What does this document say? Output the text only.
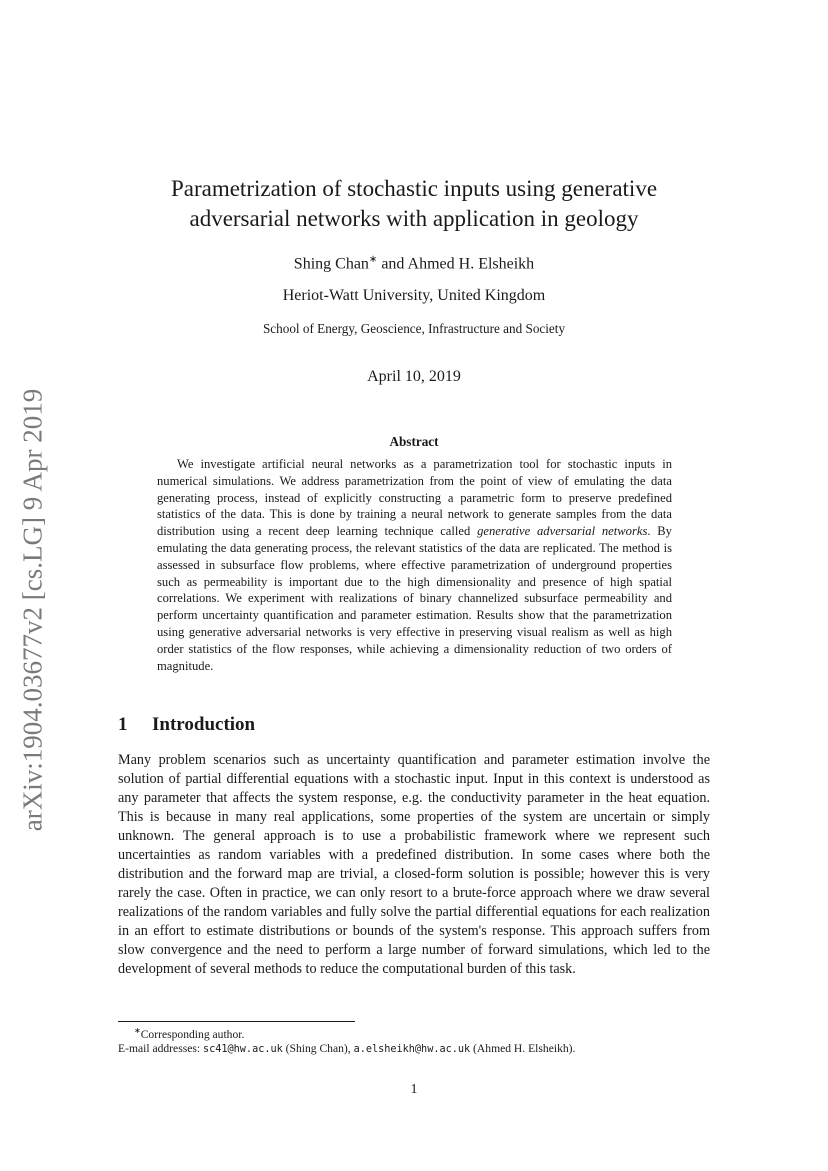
arXiv:1904.03677v2 [cs.LG] 9 Apr 2019
Parametrization of stochastic inputs using generative
adversarial networks with application in geology
Shing Chan∗ and Ahmed H. Elsheikh
Heriot-Watt University, United Kingdom
School of Energy, Geoscience, Infrastructure and Society
April 10, 2019
Abstract
We investigate artificial neural networks as a parametrization tool for stochastic inputs in numerical simulations. We address parametrization from the point of view of emulating the data generating process, instead of explicitly constructing a parametric form to preserve predefined statistics of the data. This is done by training a neural network to generate samples from the data distribution using a recent deep learning technique called generative adversarial networks. By emulating the data generating process, the relevant statistics of the data are replicated. The method is assessed in subsurface flow problems, where effective parametrization of underground properties such as permeability is important due to the high dimensionality and presence of high spatial correlations. We experiment with realizations of binary channelized subsurface permeability and perform uncertainty quantification and parameter estimation. Results show that the parametrization using generative adversarial networks is very effective in preserving visual realism as well as high order statistics of the flow responses, while achieving a dimensionality reduction of two orders of magnitude.
1 Introduction
Many problem scenarios such as uncertainty quantification and parameter estimation involve the solution of partial differential equations with a stochastic input. Input in this context is understood as any parameter that affects the system response, e.g. the conductivity parameter in the heat equation. This is because in many real applications, some properties of the system are uncertain or simply unknown. The general approach is to use a probabilistic framework where we represent such uncertainties as random variables with a predefined distribution. In some cases where both the distribution and the forward map are trivial, a closed-form solution is possible; however this is very rarely the case. Often in practice, we can only resort to a brute-force approach where we draw several realizations of the random variables and fully solve the partial differential equations for each realization in an effort to estimate distributions or bounds of the system's response. This approach suffers from slow convergence and the need to perform a large number of forward simulations, which led to the development of several methods to reduce the computational burden of this task.
∗Corresponding author.
E-mail addresses: sc41@hw.ac.uk (Shing Chan), a.elsheikh@hw.ac.uk (Ahmed H. Elsheikh).
1
